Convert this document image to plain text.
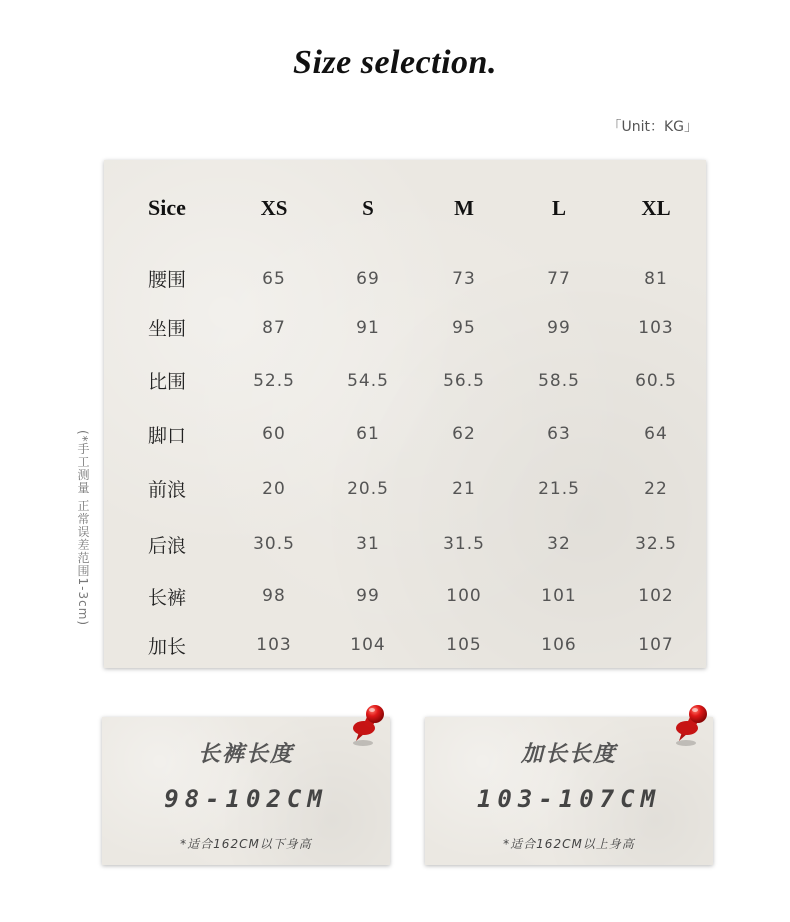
Size selection.
「Unit：KG」
(*手工测量 正常误差范围1-3cm)
Sice	XS	S	M	L	XL
腰围	65	69	73	77	81
坐围	87	91	95	99	103
比围	52.5	54.5	56.5	58.5	60.5
脚口	60	61	62	63	64
前浪	20	20.5	21	21.5	22
后浪	30.5	31	31.5	32	32.5
长裤	98	99	100	101	102
加长	103	104	105	106	107
长裤长度
98-102CM
*适合162CM以下身高
加长长度
103-107CM
*适合162CM以上身高
